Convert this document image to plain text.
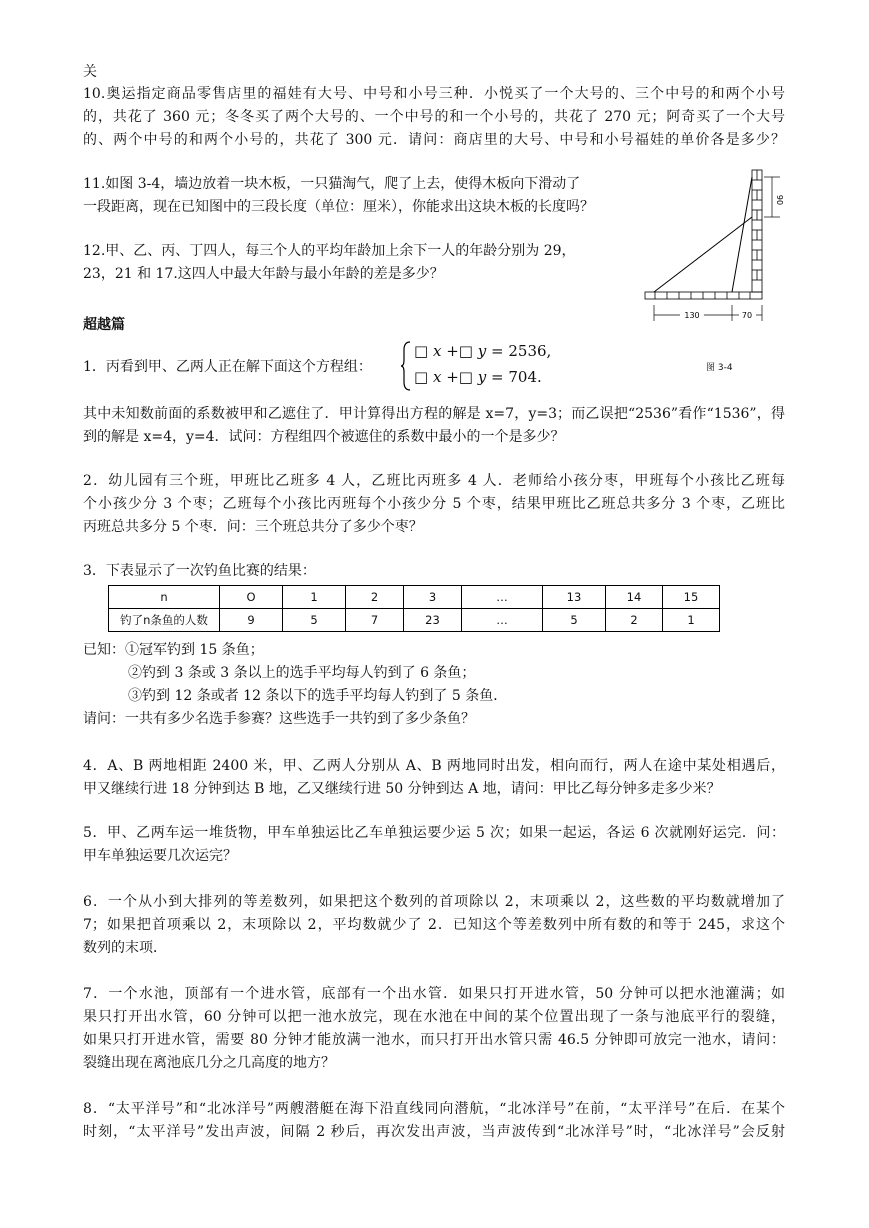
关
10.奥运指定商品零售店里的福娃有大号、中号和小号三种．小悦买了一个大号的、三个中号的和两个小号
的，共花了 360 元；冬冬买了两个大号的、一个中号的和一个小号的，共花了 270 元；阿奇买了一个大号
的、两个中号的和两个小号的，共花了 300 元．请问：商店里的大号、中号和小号福娃的单价各是多少？
11.如图 3-4，墙边放着一块木板，一只猫淘气，爬了上去，使得木板向下滑动了
一段距离，现在已知图中的三段长度（单位：厘米），你能求出这块木板的长度吗？
12.甲、乙、丙、丁四人，每三个人的平均年龄加上余下一人的年龄分别为 29，
23，21 和 17.这四人中最大年龄与最小年龄的差是多少？
90
130	70
图 3-4
超越篇
1．丙看到甲、乙两人正在解下面这个方程组：
□ x +□ y = 2536,
□ x +□ y = 704.
其中未知数前面的系数被甲和乙遮住了．甲计算得出方程的解是 x=7，y=3；而乙误把“2536”看作“1536”，得
到的解是 x=4，y=4．试问：方程组四个被遮住的系数中最小的一个是多少？
2．幼儿园有三个班，甲班比乙班多 4 人，乙班比丙班多 4 人．老师给小孩分枣，甲班每个小孩比乙班每
个小孩少分 3 个枣；乙班每个小孩比丙班每个小孩少分 5 个枣，结果甲班比乙班总共多分 3 个枣，乙班比
丙班总共多分 5 个枣．问：三个班总共分了多少个枣？
3．下表显示了一次钓鱼比赛的结果：
n	O	1	2	3	…	13	14	15
钓了n条鱼的人数	9	5	7	23	…	5	2	1
已知：①冠军钓到 15 条鱼；
②钓到 3 条或 3 条以上的选手平均每人钓到了 6 条鱼；
③钓到 12 条或者 12 条以下的选手平均每人钓到了 5 条鱼．
请问：一共有多少名选手参赛？这些选手一共钓到了多少条鱼？
4．A、B 两地相距 2400 米，甲、乙两人分别从 A、B 两地同时出发，相向而行，两人在途中某处相遇后，
甲又继续行进 18 分钟到达 B 地，乙又继续行进 50 分钟到达 A 地，请问：甲比乙每分钟多走多少米？
5．甲、乙两车运一堆货物，甲车单独运比乙车单独运要少运 5 次；如果一起运，各运 6 次就刚好运完．问：
甲车单独运要几次运完？
6．一个从小到大排列的等差数列，如果把这个数列的首项除以 2，末项乘以 2，这些数的平均数就增加了
7；如果把首项乘以 2，末项除以 2，平均数就少了 2．已知这个等差数列中所有数的和等于 245，求这个
数列的末项．
7．一个水池，顶部有一个进水管，底部有一个出水管．如果只打开进水管，50 分钟可以把水池灌满；如
果只打开出水管，60 分钟可以把一池水放完，现在水池在中间的某个位置出现了一条与池底平行的裂缝，
如果只打开进水管，需要 80 分钟才能放满一池水，而只打开出水管只需 46.5 分钟即可放完一池水，请问：
裂缝出现在离池底几分之几高度的地方？
8．“太平洋号”和“北冰洋号”两艘潜艇在海下沿直线同向潜航，“北冰洋号”在前，“太平洋号”在后．在某个
时刻，“太平洋号”发出声波，间隔 2 秒后，再次发出声波，当声波传到“北冰洋号”时，“北冰洋号”会反射
